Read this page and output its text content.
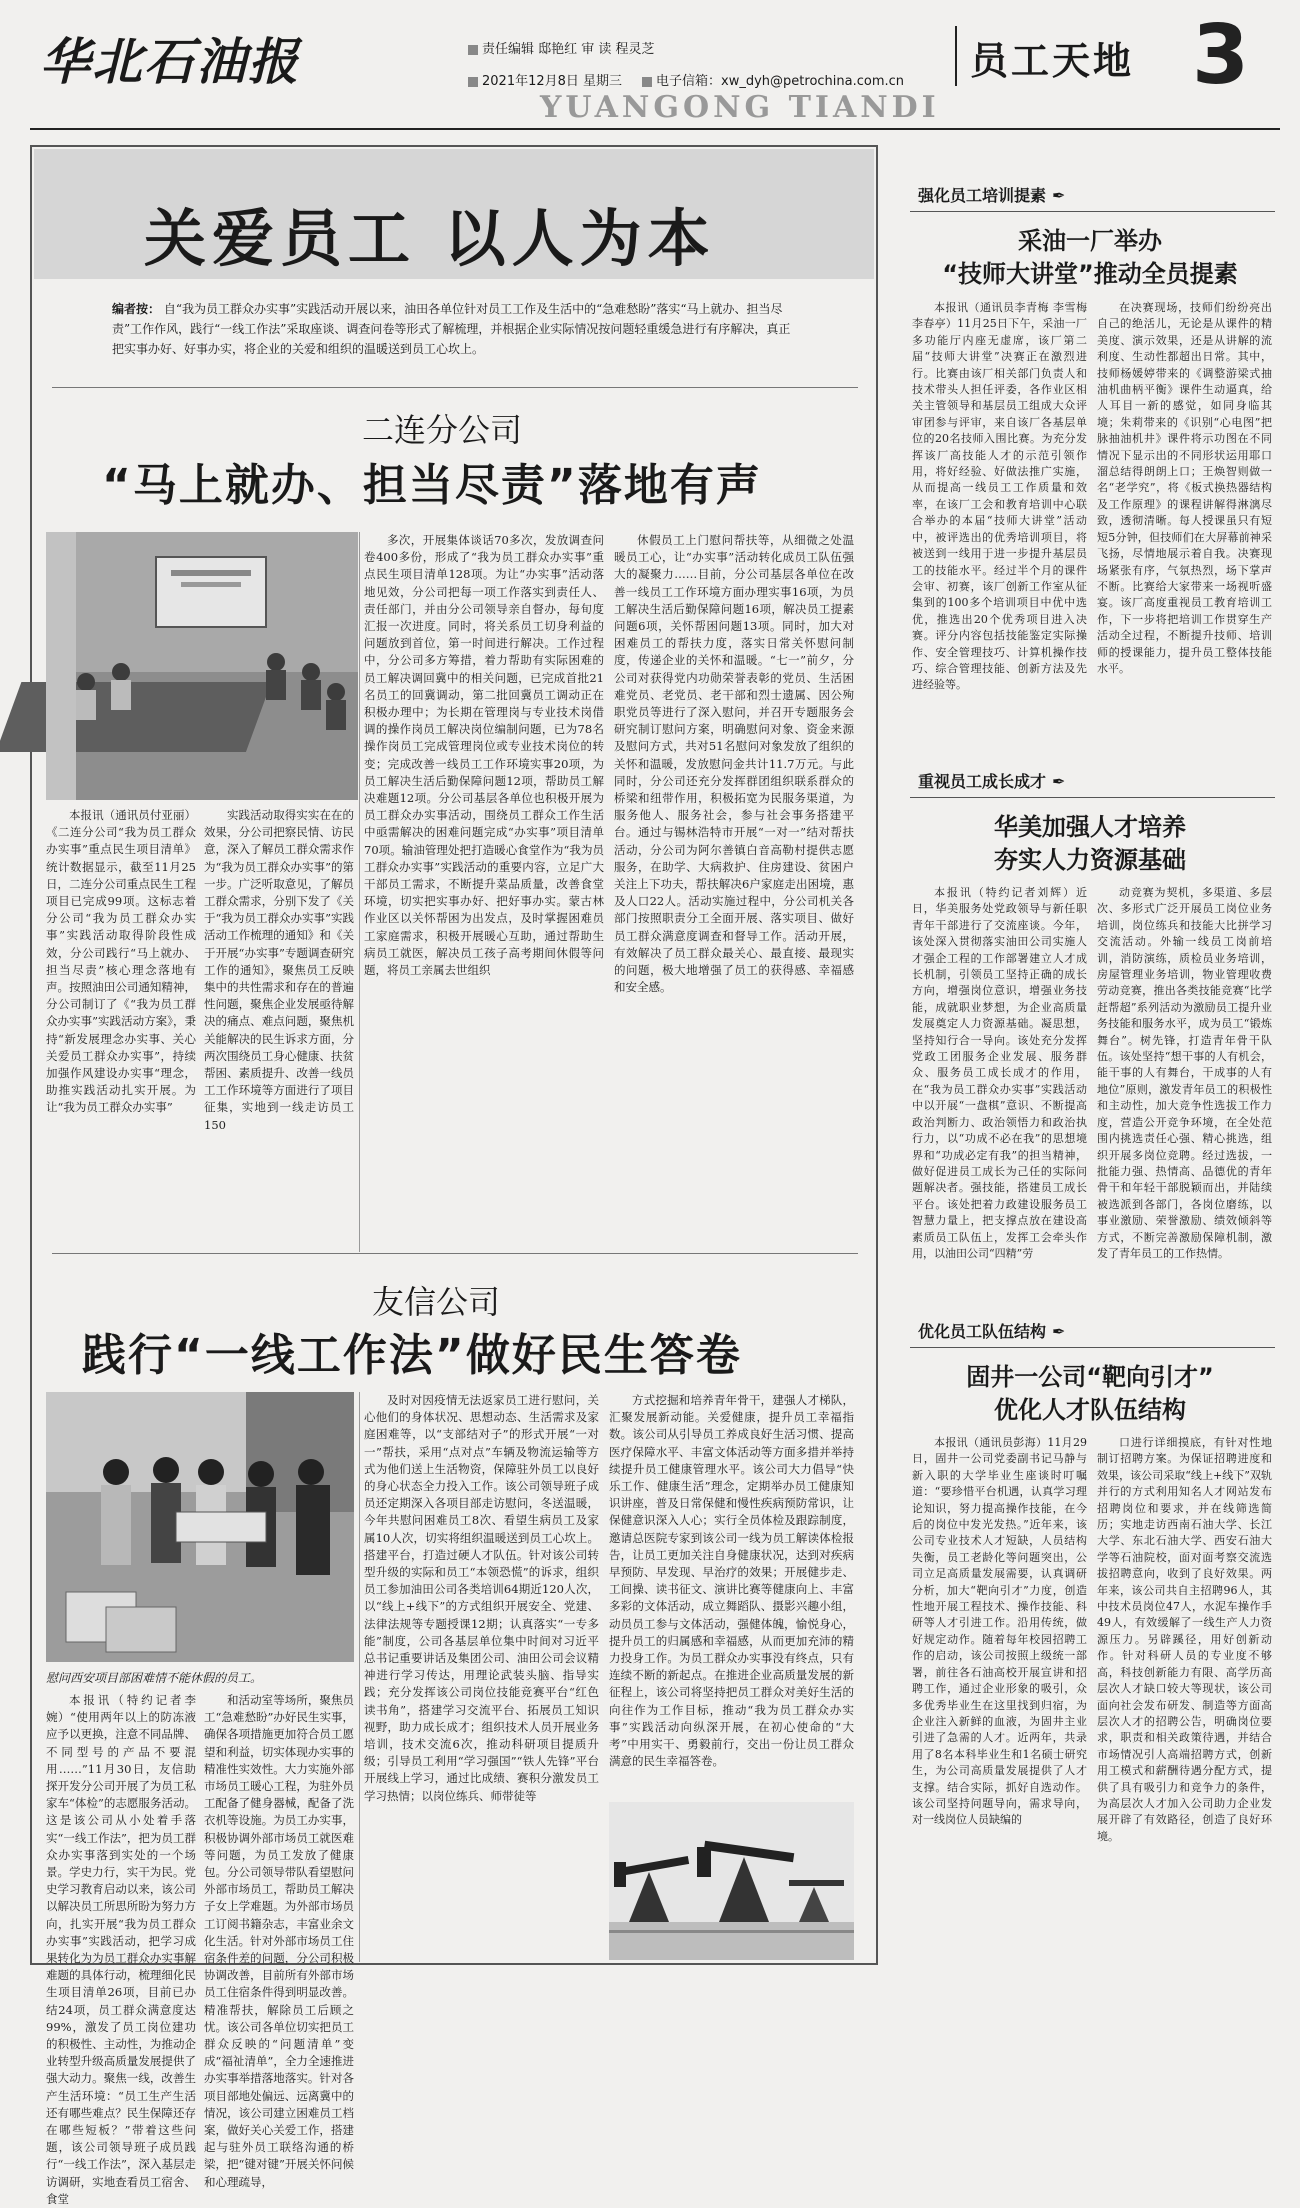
华北石油报	责任编辑 邸艳红 审 读 程灵芝
2021年12月8日 星期三	电子信箱：xw_dyh@petrochina.com.cn 员工天地 3
YUANGONG TIANDI
关爱员工 以人为本
编者按： 自“我为员工群众办实事”实践活动开展以来，油田各单位针对员工工作及生活中的“急难愁盼”落实“马上就办、担当尽责”工作作风，践行“一线工作法”采取座谈、调查问卷等形式了解梳理，并根据企业实际情况按问题轻重缓急进行有序解决，真正把实事办好、好事办实，将企业的关爱和组织的温暖送到员工心坎上。
二连分公司
“马上就办、担当尽责”落地有声

本报讯（通讯员付亚丽）《二连分公司“我为员工群众办实事”重点民生项目清单》统计数据显示，截至11月25日，二连分公司重点民生工程项目已完成99项。这标志着分公司“我为员工群众办实事”实践活动取得阶段性成效，分公司践行“马上就办、担当尽责”核心理念落地有声。按照油田公司通知精神，分公司制订了《“我为员工群众办实事”实践活动方案》，秉持“新发展理念办实事、关心关爱员工群众办实事”，持续加强作风建设办实事“理念，助推实践活动扎实开展。为让“我为员工群众办实事”

实践活动取得实实在在的效果，分公司把察民情、访民意，深入了解员工群众需求作为“我为员工群众办实事”的第一步。广泛听取意见，了解员工群众需求，分别下发了《关于“我为员工群众办实事”实践活动工作梳理的通知》和《关于开展“办实事”专题调查研究工作的通知》，聚焦员工反映集中的共性需求和存在的普遍性问题，聚焦企业发展亟待解决的痛点、难点问题，聚焦机关能解决的民生诉求方面，分两次围绕员工身心健康、扶贫帮困、素质提升、改善一线员工工作环境等方面进行了项目征集，实地到一线走访员工150

多次，开展集体谈话70多次，发放调查问卷400多份，形成了“我为员工群众办实事”重点民生项目清单128项。为让“办实事”活动落地见效，分公司把每一项工作落实到责任人、责任部门，并由分公司领导亲自督办，每旬度汇报一次进度。同时，将关系员工切身利益的问题放到首位，第一时间进行解决。工作过程中，分公司多方筹措，着力帮助有实际困难的员工解决调回冀中的相关问题，已完成首批21名员工的回冀调动，第二批回冀员工调动正在积极办理中；为长期在管理岗与专业技术岗借调的操作岗员工解决岗位编制问题，已为78名操作岗员工完成管理岗位或专业技术岗位的转变；完成改善一线员工工作环境实事20项，为员工解决生活后勤保障问题12项，帮助员工解决难题12项。分公司基层各单位也积极开展为员工群众办实事活动，围绕员工群众工作生活中亟需解决的困难问题完成“办实事”项目清单70项。输油管理处把打造暖心食堂作为“我为员工群众办实事”实践活动的重要内容，立足广大干部员工需求，不断提升菜品质量，改善食堂环境，切实把实事办好、把好事办实。蒙古林作业区以关怀帮困为出发点，及时掌握困难员工家庭需求，积极开展暖心互助，通过帮助生病员工就医，解决员工孩子高考期间休假等问题，将员工亲属去世组织

休假员工上门慰问帮扶等，从细微之处温暖员工心，让“办实事”活动转化成员工队伍强大的凝聚力……目前，分公司基层各单位在改善一线员工工作环境方面办理实事16项，为员工解决生活后勤保障问题16项，解决员工提素问题6项，关怀帮困问题13项。同时，加大对困难员工的帮扶力度，落实日常关怀慰问制度，传递企业的关怀和温暖。“七一”前夕，分公司对获得党内功勋荣誉表彰的党员、生活困难党员、老党员、老干部和烈士遗属、因公殉职党员等进行了深入慰问，并召开专题服务会研究制订慰问方案，明确慰问对象、资金来源及慰问方式，共对51名慰问对象发放了组织的关怀和温暖，发放慰问金共计11.7万元。与此同时，分公司还充分发挥群团组织联系群众的桥梁和纽带作用，积极拓宽为民服务渠道，为服务他人、服务社会，参与社会事务搭建平台。通过与锡林浩特市开展“一对一”结对帮扶活动，分公司为阿尔善镇白音高勒村提供志愿服务，在助学、大病救护、住房建设、贫困户关注上下功夫，帮扶解决6户家庭走出困境，惠及人口22人。活动实施过程中，分公司机关各部门按照职责分工全面开展、落实项目、做好员工群众满意度调查和督导工作。活动开展，有效解决了员工群众最关心、最直接、最现实的问题，极大地增强了员工的获得感、幸福感和安全感。

友信公司
践行“一线工作法”做好民生答卷
慰问西安项目部困难情不能休假的员工。

本报讯（特约记者李婉）“使用两年以上的防冻液应予以更换，注意不同品牌、不同型号的产品不要混用……”11月30日，友信助探开发分公司开展了为员工私家车“体检”的志愿服务活动。这是该公司从小处着手落实“一线工作法”，把为员工群众办实事落到实处的一个场景。学史力行，实干为民。党史学习教育启动以来，该公司以解决员工所思所盼为努力方向，扎实开展“我为员工群众办实事”实践活动，把学习成果转化为为员工群众办实事解难题的具体行动，梳理细化民生项目清单26项，目前已办结24项，员工群众满意度达99%，激发了员工岗位建功的积极性、主动性，为推动企业转型升级高质量发展提供了强大动力。聚焦一线，改善生产生活环境：“员工生产生活还有哪些难点？民生保障还存在哪些短板？”带着这些问题，该公司领导班子成员践行“一线工作法”，深入基层走访调研，实地查看员工宿舍、食堂

和活动室等场所，聚焦员工“急难愁盼”办好民生实事，确保各项措施更加符合员工愿望和利益，切实体现办实事的精准性实效性。大力实施外部市场员工暖心工程，为驻外员工配备了健身器械，配备了洗衣机等设施。为员工办实事，积极协调外部市场员工就医难等问题，为员工发放了健康包。分公司领导带队看望慰问外部市场员工，帮助员工解决子女上学难题。为外部市场员工订阅书籍杂志，丰富业余文化生活。针对外部市场员工住宿条件差的问题，分公司积极协调改善，目前所有外部市场员工住宿条件得到明显改善。精准帮扶，解除员工后顾之忧。该公司各单位切实把员工群众反映的“问题清单”变成“福祉清单”，全力全速推进办实事举措落地落实。针对各项目部地处偏远、远离冀中的情况，该公司建立困难员工档案，做好关心关爱工作，搭建起与驻外员工联络沟通的桥梁，把“键对键”开展关怀问候和心理疏导，

及时对因疫情无法返家员工进行慰问，关心他们的身体状况、思想动态、生活需求及家庭困难等，以“支部结对子”的形式开展“一对一”帮扶，采用“点对点”车辆及物流运输等方式为他们送上生活物资，保障驻外员工以良好的身心状态全力投入工作。该公司领导班子成员还定期深入各项目部走访慰问，冬送温暖，今年共慰问困难员工8次、看望生病员工及家属10人次，切实将组织温暖送到员工心坎上。搭建平台，打造过硬人才队伍。针对该公司转型升级的实际和员工“本领恐慌”的诉求，组织员工参加油田公司各类培训64期近120人次，以“线上+线下”的方式组织开展安全、党建、法律法规等专题授课12期；认真落实“一专多能”制度，公司各基层单位集中时间对习近平总书记重要讲话及集团公司、油田公司会议精神进行学习传达，用理论武装头脑、指导实践；充分发挥该公司岗位技能竞赛平台“红色读书角”，搭建学习交流平台、拓展员工知识视野，助力成长成才；组织技术人员开展业务培训，技术交流6次，推动科研项目提质升级；引导员工利用“学习强国”“铁人先锋”平台开展线上学习，通过比成绩、赛积分激发员工学习热情；以岗位练兵、师带徒等

方式挖掘和培养青年骨干，建强人才梯队，汇聚发展新动能。关爱健康，提升员工幸福指数。该公司从引导员工养成良好生活习惯、提高医疗保障水平、丰富文体活动等方面多措并举持续提升员工健康管理水平。该公司大力倡导“快乐工作、健康生活”理念，定期举办员工健康知识讲座，普及日常保健和慢性疾病预防常识，让保健意识深入人心；实行全员体检及跟踪制度，邀请总医院专家到该公司一线为员工解读体检报告，让员工更加关注自身健康状况，达到对疾病早预防、早发现、早治疗的效果；开展健步走、工间操、读书征文、演讲比赛等健康向上、丰富多彩的文体活动，成立舞蹈队、摄影兴趣小组，动员员工参与文体活动，强健体魄，愉悦身心，提升员工的归属感和幸福感，从而更加充沛的精力投身工作。为员工群众办实事没有终点，只有连续不断的新起点。在推进企业高质量发展的新征程上，该公司将坚持把员工群众对美好生活的向往作为工作目标，推动“我为员工群众办实事”实践活动向纵深开展，在初心使命的“大考”中用实干、勇毅前行，交出一份让员工群众满意的民生幸福答卷。

强化员工培训提素 ✒
采油一厂举办
“技师大讲堂”推动全员提素

本报讯（通讯员李青梅 李雪梅 李春亭）11月25日下午，采油一厂多功能厅内座无虚席，该厂第二届“技师大讲堂”决赛正在激烈进行。比赛由该厂相关部门负责人和技术带头人担任评委，各作业区相关主管领导和基层员工组成大众评审团参与评审，来自该厂各基层单位的20名技师入围比赛。为充分发挥该厂高技能人才的示范引领作用，将好经验、好做法推广实施，从而提高一线员工工作质量和效率，在该厂工会和教育培训中心联合举办的本届“技师大讲堂”活动中，被评选出的优秀培训项目，将被送到一线用于进一步提升基层员工的技能水平。经过半个月的课件会审、初赛，该厂创新工作室从征集到的100多个培训项目中优中选优，推选出20个优秀项目进入决赛。评分内容包括技能鉴定实际操作、安全管理技巧、计算机操作技巧、综合管理技能、创新方法及先进经验等。

在决赛现场，技师们纷纷亮出自己的绝活儿，无论是从课件的精美度、演示效果，还是从讲解的流利度、生动性都超出日常。其中，技师杨媛婷带来的《调整游梁式抽油机曲柄平衡》课件生动逼真，给人耳目一新的感觉，如同身临其境；朱莉带来的《识别“心电图”把脉抽油机井》课件将示功图在不同情况下显示出的不同形状运用耶口溜总结得朗朗上口；王焕智则做一名“老学究”，将《板式换热器结构及工作原理》的课程讲解得淋漓尽致，透彻清晰。每人授课虽只有短短5分钟，但技师们在大屏幕前神采飞扬，尽情地展示着自我。决赛现场紧张有序，气氛热烈，场下掌声不断。比赛给大家带来一场视听盛宴。该厂高度重视员工教育培训工作，下一步将把培训工作贯穿生产活动全过程，不断提升技师、培训师的授课能力，提升员工整体技能水平。

重视员工成长成才 ✒
华美加强人才培养
夯实人力资源基础

本报讯（特约记者刘辉）近日，华美服务处党政领导与新任职青年干部进行了交流座谈。今年，该处深入贯彻落实油田公司实施人才强企工程的工作部署建立人才成长机制，引领员工坚持正确的成长方向，增强岗位意识，增强业务技能，成就职业梦想，为企业高质量发展奠定人力资源基础。凝思想，坚持知行合一导向。该处充分发挥党政工团服务企业发展、服务群众、服务员工成长成才的作用，在“我为员工群众办实事”实践活动中以开展“一盘棋”意识、不断提高政治判断力、政治领悟力和政治执行力，以“功成不必在我”的思想境界和“功成必定有我”的担当精神，做好促进员工成长为己任的实际问题解决者。强技能，搭建员工成长平台。该处把着力政建设服务员工智慧力量上，把支撑点放在建设高素质员工队伍上，发挥工会牵头作用，以油田公司“四精”劳

动竞赛为契机，多渠道、多层次、多形式广泛开展员工岗位业务培训，岗位练兵和技能大比拼学习交流活动。外输一线员工岗前培训，消防演练，质检员业务培训，房屋管理业务培训，物业管理收费劳动竞赛，推出各类技能竞赛“比学赶帮超”系列活动为激励员工提升业务技能和服务水平，成为员工“锻炼舞台”。树先锋，打造青年骨干队伍。该处坚持“想干事的人有机会，能干事的人有舞台，干成事的人有地位”原则，激发青年员工的积极性和主动性，加大竞争性选拔工作力度，营造公开竞争环境，在全处范围内挑选责任心强、精心挑选，组织开展多岗位竞聘。经过选拔，一批能力强、热情高、品德优的青年骨干和年轻干部脱颖而出，并陆续被选派到各部门，各岗位磨练，以事业激励、荣誉激励、绩效倾斜等方式，不断完善激励保障机制，激发了青年员工的工作热情。

优化员工队伍结构 ✒
固井一公司“靶向引才”
优化人才队伍结构

本报讯（通讯员彭海）11月29日，固井一公司党委副书记马静与新入职的大学毕业生座谈时叮嘱道：“要珍惜平台机遇，认真学习理论知识，努力提高操作技能，在今后的岗位中发光发热。”近年来，该公司专业技术人才短缺，人员结构失衡，员工老龄化等问题突出，公司立足高质量发展需要，认真调研分析，加大“靶向引才”力度，创造性地开展工程技术、操作技能、科研等人才引进工作。沿用传统，做好规定动作。随着每年校园招聘工作的启动，该公司按照上级统一部署，前往各石油高校开展宣讲和招聘工作，通过企业形象的吸引，众多优秀毕业生在这里找到归宿，为企业注入新鲜的血液，为固井主业引进了急需的人才。近两年，共录用了8名本科毕业生和1名硕士研究生，为公司高质量发展提供了人才支撑。结合实际，抓好自选动作。该公司坚持问题导向，需求导向，对一线岗位人员缺编的

口进行详细摸底，有针对性地制订招聘方案。为保证招聘进度和效果，该公司采取“线上+线下”双轨并行的方式利用知名人才网站发布招聘岗位和要求，并在线筛选简历；实地走访西南石油大学、长江大学、东北石油大学、西安石油大学等石油院校，面对面考察交流选拔招聘意向，收到了良好效果。两年来，该公司共自主招聘96人，其中技术员岗位47人，水泥车操作手49人，有效缓解了一线生产人力资源压力。另辟蹊径，用好创新动作。针对科研人员的专业度不够高，科技创新能力有限、高学历高层次人才缺口较大等现状，该公司面向社会发布研发、制造等方面高层次人才的招聘公告，明确岗位要求，职责和相关政策待遇，并结合市场情况引人高端招聘方式，创新用工模式和薪酬待遇分配方式，提供了具有吸引力和竞争力的条件，为高层次人才加入公司助力企业发展开辟了有效路径，创造了良好环境。
